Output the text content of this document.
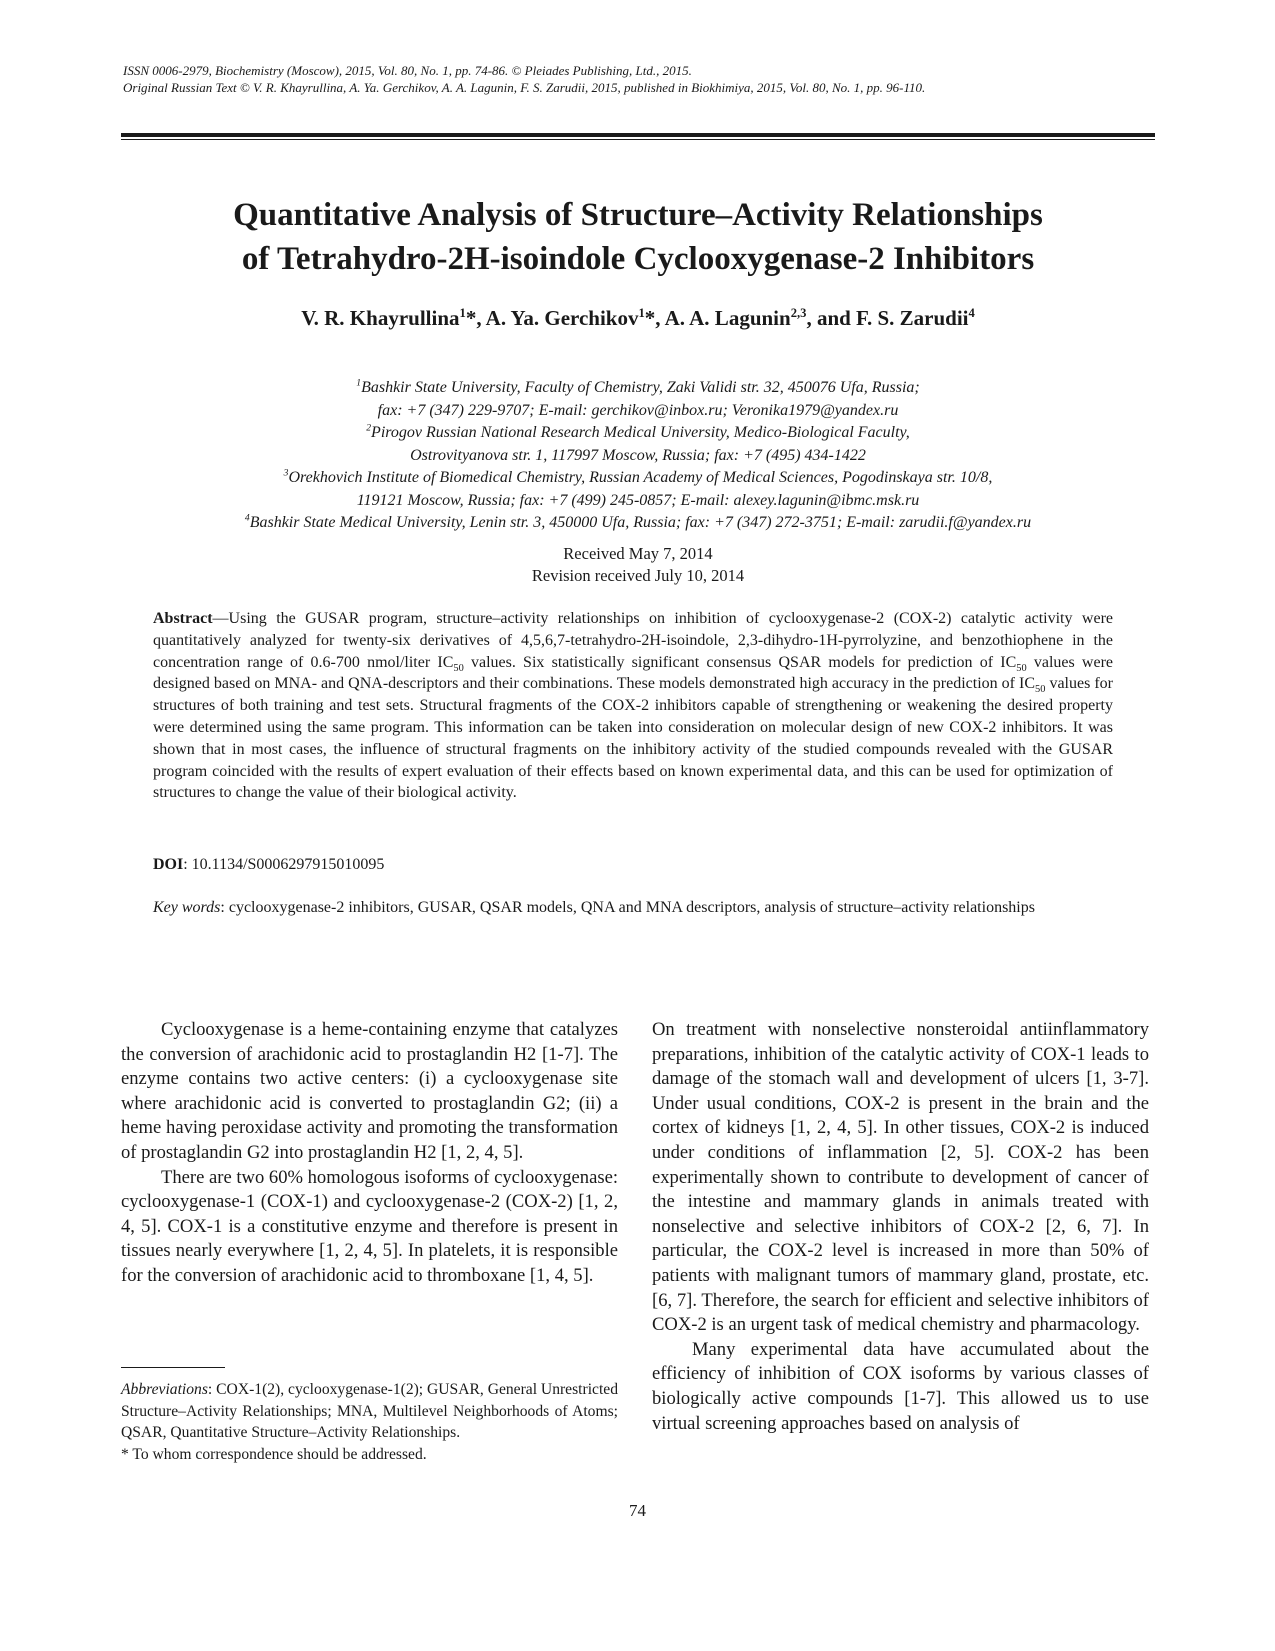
ISSN 0006-2979, Biochemistry (Moscow), 2015, Vol. 80, No. 1, pp. 74-86. © Pleiades Publishing, Ltd., 2015.
Original Russian Text © V. R. Khayrullina, A. Ya. Gerchikov, A. A. Lagunin, F. S. Zarudii, 2015, published in Biokhimiya, 2015, Vol. 80, No. 1, pp. 96-110.
Quantitative Analysis of Structure–Activity Relationships
of Tetrahydro-2H-isoindole Cyclooxygenase-2 Inhibitors
V. R. Khayrullina$^1$*, A. Ya. Gerchikov$^1$*, A. A. Lagunin$^{2,3}$, and F. S. Zarudii$^4$
$^1$Bashkir State University, Faculty of Chemistry, Zaki Validi str. 32, 450076 Ufa, Russia;
fax: +7 (347) 229-9707; E-mail: gerchikov@inbox.ru; Veronika1979@yandex.ru
$^2$Pirogov Russian National Research Medical University, Medico-Biological Faculty,
Ostrovityanova str. 1, 117997 Moscow, Russia; fax: +7 (495) 434-1422
$^3$Orekhovich Institute of Biomedical Chemistry, Russian Academy of Medical Sciences, Pogodinskaya str. 10/8,
119121 Moscow, Russia; fax: +7 (499) 245-0857; E-mail: alexey.lagunin@ibmc.msk.ru
$^4$Bashkir State Medical University, Lenin str. 3, 450000 Ufa, Russia; fax: +7 (347) 272-3751; E-mail: zarudii.f@yandex.ru
Received May 7, 2014
Revision received July 10, 2014
Abstract—Using the GUSAR program, structure–activity relationships on inhibition of cyclooxygenase-2 (COX-2) catalytic activity were quantitatively analyzed for twenty-six derivatives of 4,5,6,7-tetrahydro-2H-isoindole, 2,3-dihydro-1H-pyrrolyzine, and benzothiophene in the concentration range of 0.6-700 nmol/liter $IC_{50}$ values. Six statistically significant consensus QSAR models for prediction of $IC_{50}$ values were designed based on MNA- and QNA-descriptors and their combinations. These models demonstrated high accuracy in the prediction of $IC_{50}$ values for structures of both training and test sets. Structural fragments of the COX-2 inhibitors capable of strengthening or weakening the desired property were determined using the same program. This information can be taken into consideration on molecular design of new COX-2 inhibitors. It was shown that in most cases, the influence of structural fragments on the inhibitory activity of the studied compounds revealed with the GUSAR program coincided with the results of expert evaluation of their effects based on known experimental data, and this can be used for optimization of structures to change the value of their biological activity.
DOI: 10.1134/S0006297915010095
Key words: cyclooxygenase-2 inhibitors, GUSAR, QSAR models, QNA and MNA descriptors, analysis of structure–activity relationships

Cyclooxygenase is a heme-containing enzyme that catalyzes the conversion of arachidonic acid to prostaglandin H2 [1-7]. The enzyme contains two active centers: (i) a cyclooxygenase site where arachidonic acid is converted to prostaglandin G2; (ii) a heme having peroxidase activity and promoting the transformation of prostaglandin G2 into prostaglandin H2 [1, 2, 4, 5].

There are two 60% homologous isoforms of cyclooxygenase: cyclooxygenase-1 (COX-1) and cyclooxygenase-2 (COX-2) [1, 2, 4, 5]. COX-1 is a constitutive enzyme and therefore is present in tissues nearly everywhere [1, 2, 4, 5]. In platelets, it is responsible for the conversion of arachidonic acid to thromboxane [1, 4, 5].

Abbreviations: COX-1(2), cyclooxygenase-1(2); GUSAR, General Unrestricted Structure–Activity Relationships; MNA, Multilevel Neighborhoods of Atoms; QSAR, Quantitative Structure–Activity Relationships.

* To whom correspondence should be addressed.

On treatment with nonselective nonsteroidal antiinflammatory preparations, inhibition of the catalytic activity of COX-1 leads to damage of the stomach wall and development of ulcers [1, 3-7]. Under usual conditions, COX-2 is present in the brain and the cortex of kidneys [1, 2, 4, 5]. In other tissues, COX-2 is induced under conditions of inflammation [2, 5]. COX-2 has been experimentally shown to contribute to development of cancer of the intestine and mammary glands in animals treated with nonselective and selective inhibitors of COX-2 [2, 6, 7]. In particular, the COX-2 level is increased in more than 50% of patients with malignant tumors of mammary gland, prostate, etc. [6, 7]. Therefore, the search for efficient and selective inhibitors of COX-2 is an urgent task of medical chemistry and pharmacology.

Many experimental data have accumulated about the efficiency of inhibition of COX isoforms by various classes of biologically active compounds [1-7]. This allowed us to use virtual screening approaches based on analysis of

74
